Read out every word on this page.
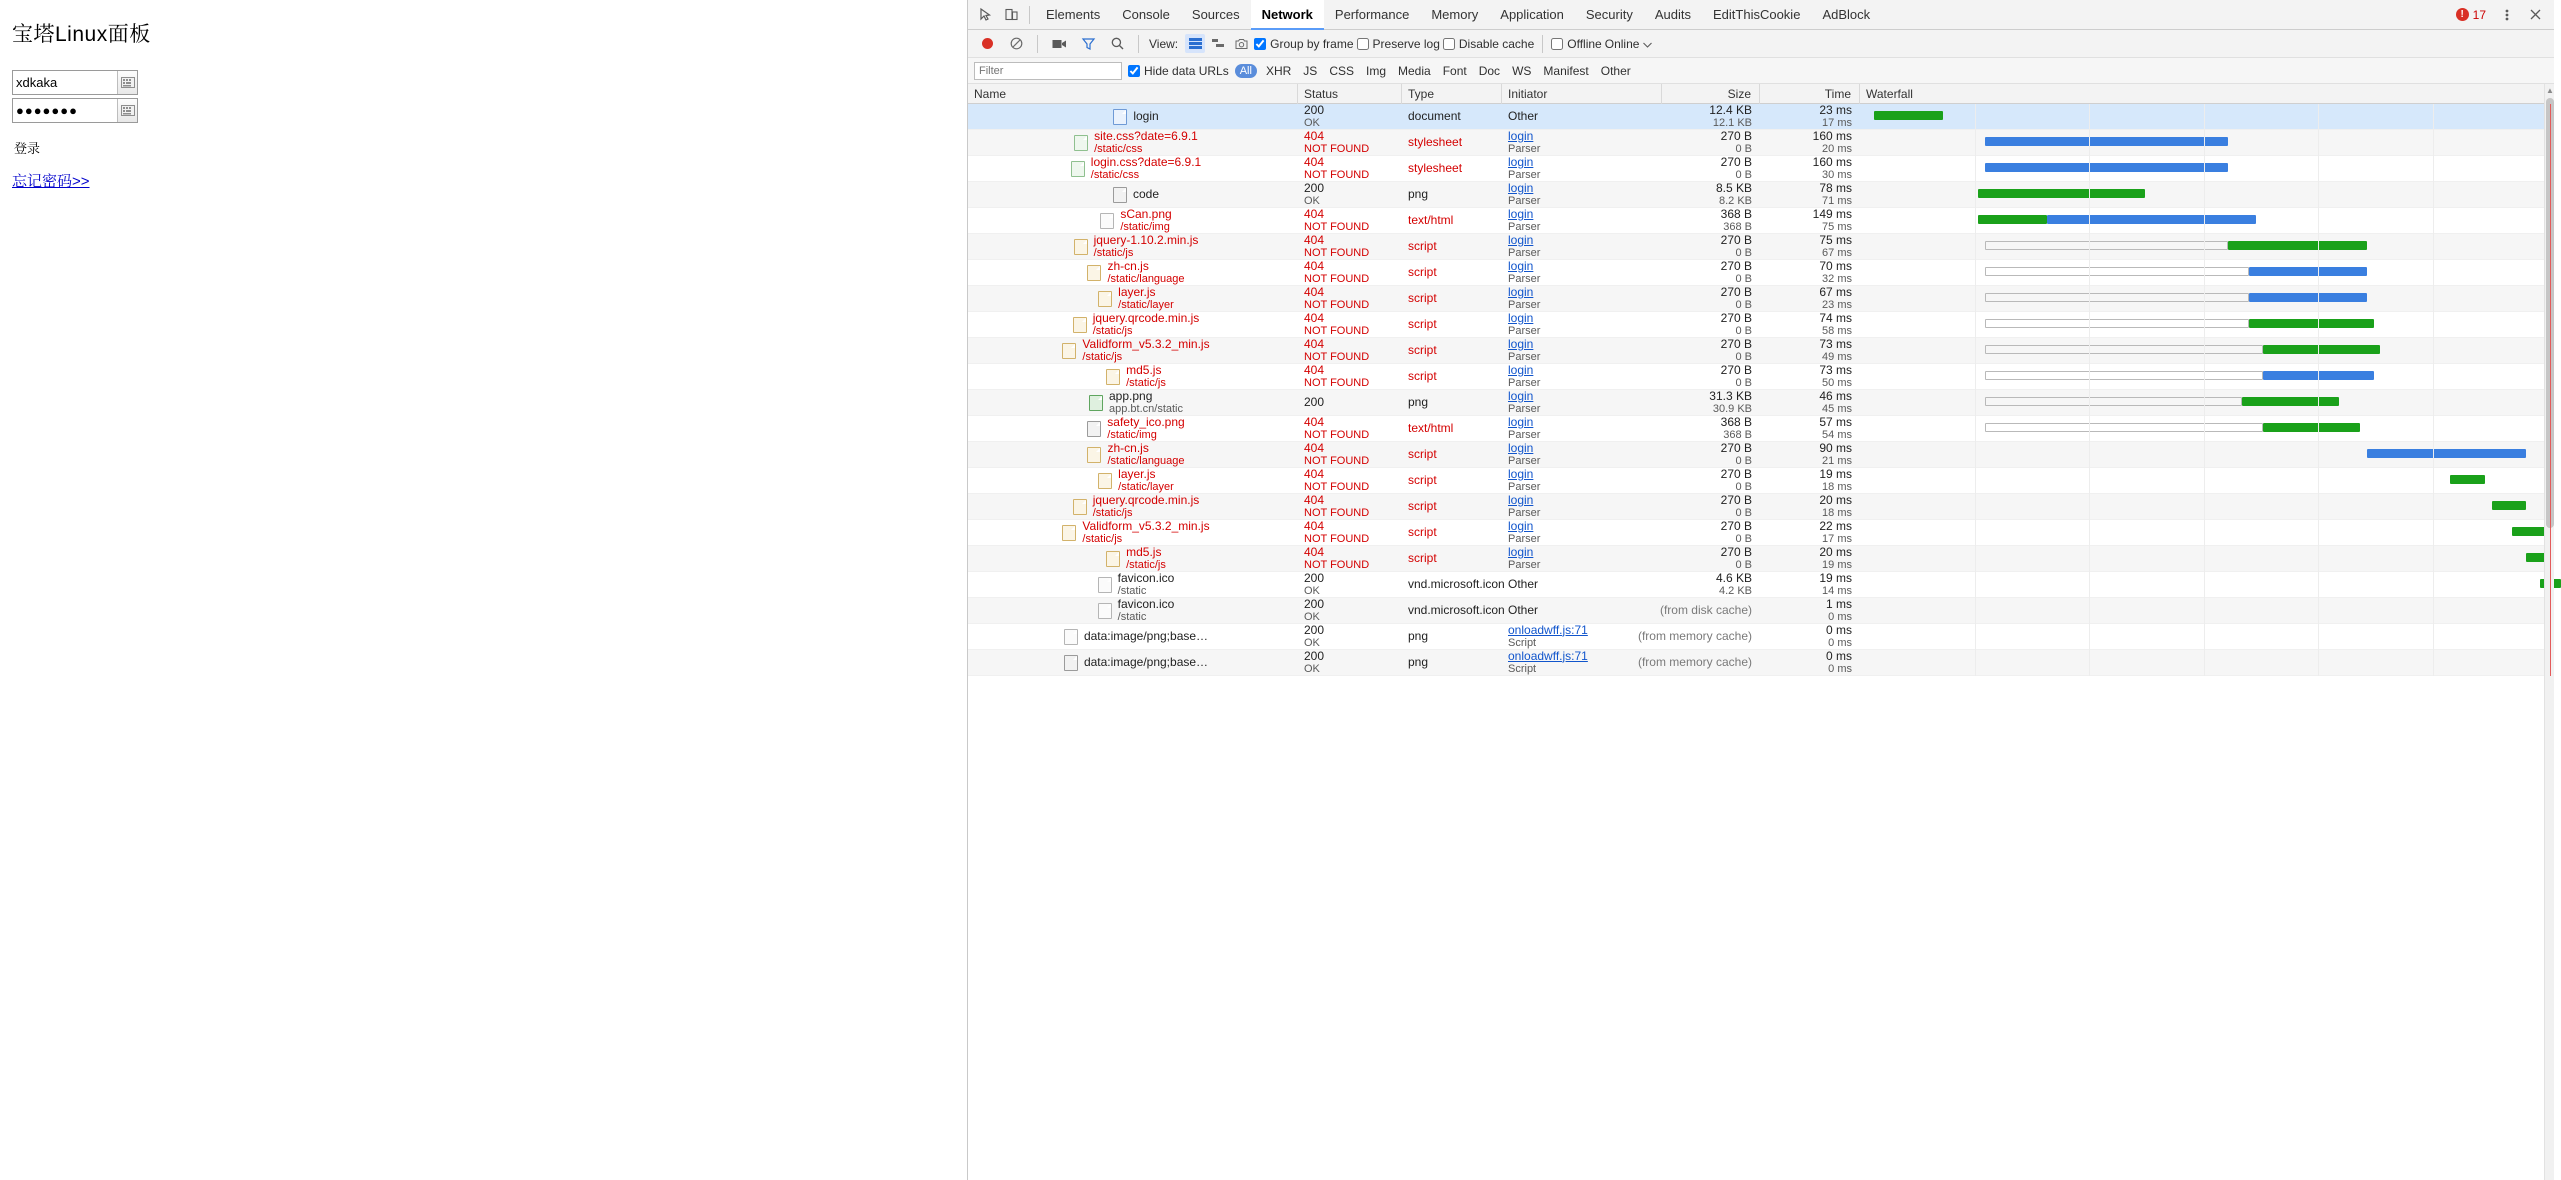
宝塔Linux面板
xdkaka
●●●●●●●
登录
忘记密码>>
Elements	Console	Sources	Network	Performance	Memory	Application	Security	Audits	EditThisCookie	AdBlock	! 17
View:	Group by frame Preserve log Disable cache	Offline Online
Filter
Hide data URLs	All	XHR JS CSS Img Media Font Doc WS Manifest Other
Name	Status	Type	Initiator	Size	Time	Waterfall
login	200
OK	document	Other	12.4 KB
12.1 KB
23 ms
17 ms
site.css?date=6.9.1
/static/css
404
NOT FOUND	stylesheet	login
Parser
270 B
0 B
160 ms
20 ms
login.css?date=6.9.1
/static/css
404
NOT FOUND	stylesheet	login
Parser
270 B
0 B
160 ms
30 ms
code	200
OK	png	login
Parser
8.5 KB
8.2 KB
78 ms
71 ms
sCan.png
/static/img
404
NOT FOUND	text/html	login
Parser
368 B
368 B
149 ms
75 ms
jquery-1.10.2.min.js
/static/js
404
NOT FOUND	script	login
Parser
270 B
0 B
75 ms
67 ms
zh-cn.js
/static/language
404
NOT FOUND	script	login
Parser
270 B
0 B
70 ms
32 ms
layer.js
/static/layer
404
NOT FOUND	script	login
Parser
270 B
0 B
67 ms
23 ms
jquery.qrcode.min.js
/static/js
404
NOT FOUND	script	login
Parser
270 B
0 B
74 ms
58 ms
Validform_v5.3.2_min.js
/static/js
404
NOT FOUND	script	login
Parser
270 B
0 B
73 ms
49 ms
md5.js
/static/js
404
NOT FOUND	script	login
Parser
270 B
0 B
73 ms
50 ms
app.png
app.bt.cn/static	200	png	login
Parser
31.3 KB
30.9 KB
46 ms
45 ms
safety_ico.png
/static/img
404
NOT FOUND	text/html	login
Parser
368 B
368 B
57 ms
54 ms
zh-cn.js
/static/language
404
NOT FOUND	script	login
Parser
270 B
0 B
90 ms
21 ms
layer.js
/static/layer
404
NOT FOUND	script	login
Parser
270 B
0 B
19 ms
18 ms
jquery.qrcode.min.js
/static/js
404
NOT FOUND	script	login
Parser
270 B
0 B
20 ms
18 ms
Validform_v5.3.2_min.js
/static/js
404
NOT FOUND	script	login
Parser
270 B
0 B
22 ms
17 ms
md5.js
/static/js
404
NOT FOUND	script	login
Parser
270 B
0 B
20 ms
19 ms
favicon.ico
/static
200
OK	vnd.microsoft.icon Other	4.6 KB
4.2 KB
19 ms
14 ms
favicon.ico
/static
200
OK	vnd.microsoft.icon Other	(from disk cache)	1 ms
0 ms
data:image/png;base…	200
OK	png	onloadwff.js:71
Script	(from memory cache)	0 ms
0 ms
data:image/png;base…	200
OK	png	onloadwff.js:71
Script	(from memory cache)	0 ms
0 ms
▲
